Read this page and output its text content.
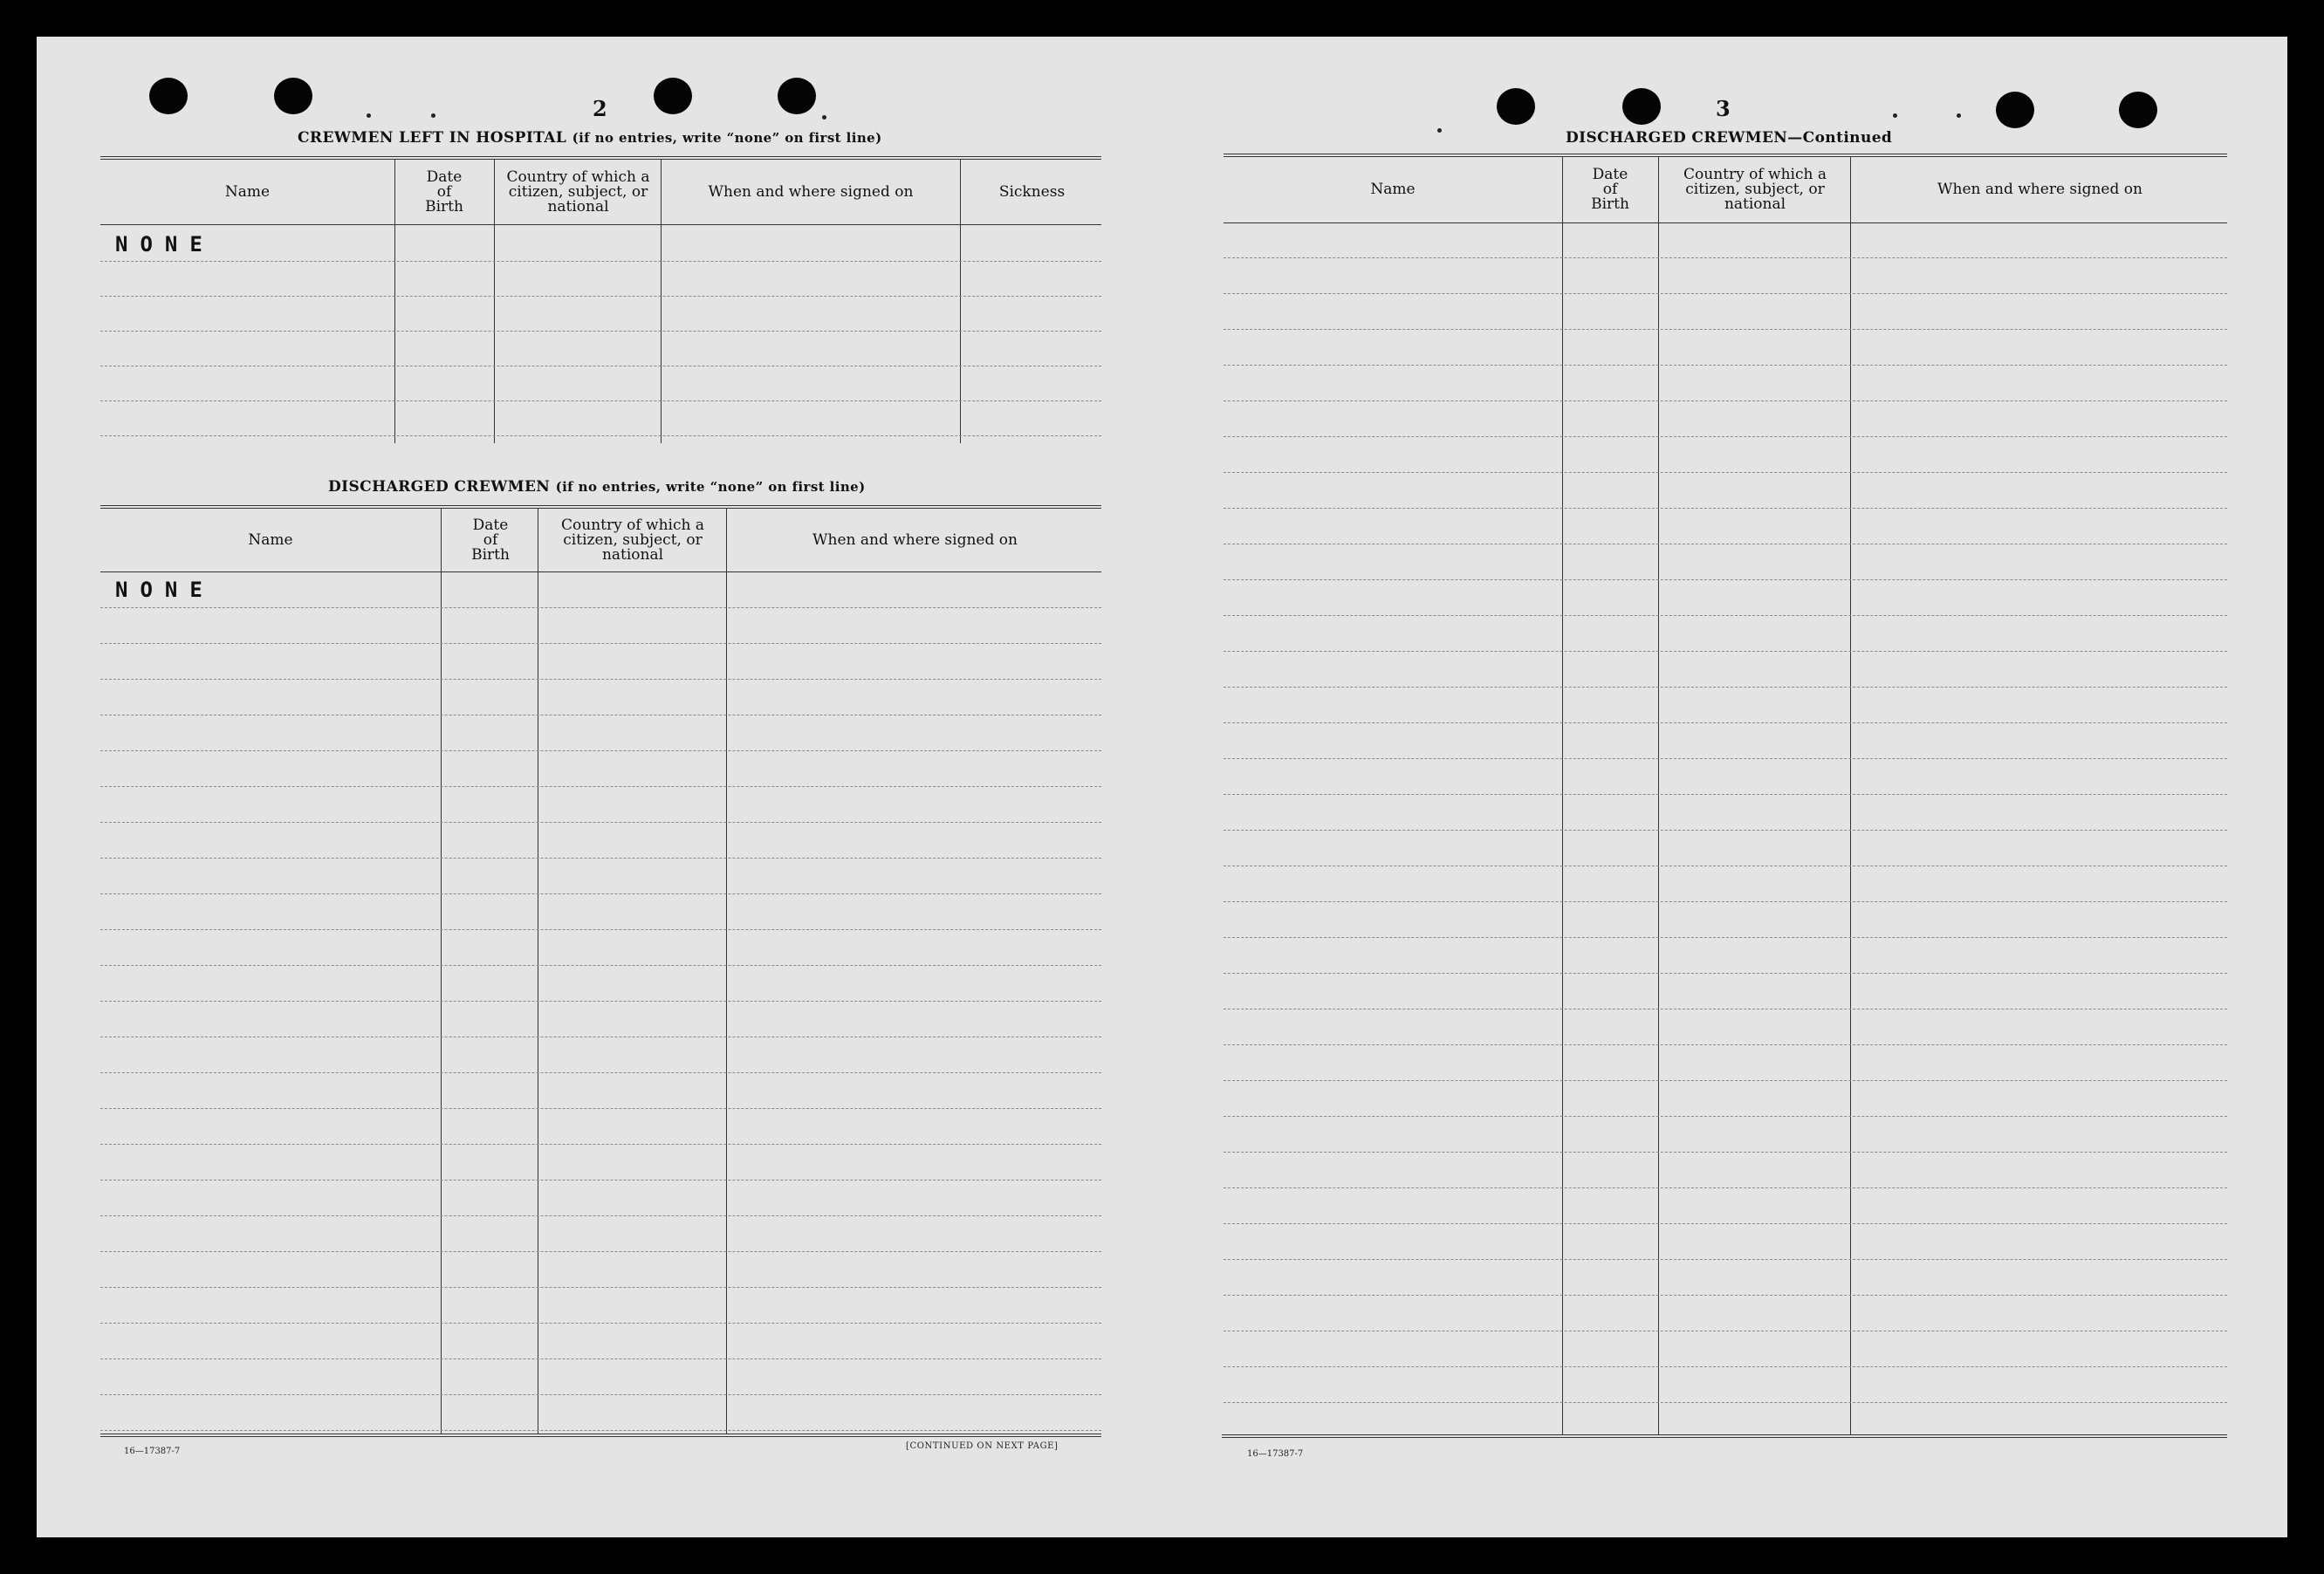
2
CREWMEN LEFT IN HOSPITAL (if no entries, write “none” on first line)
Name
Date of Birth
Country of which a citizen, subject, or national
When and where signed on	Sickness
NONE
DISCHARGED CREWMEN (if no entries, write “none” on first line)
Name
Date of Birth
Country of which a citizen, subject, or national
When and where signed on
NONE
16—17387-7
[CONTINUED ON NEXT PAGE]
3
DISCHARGED CREWMEN—Continued
Name
Date of Birth
Country of which a citizen, subject, or national
When and where signed on
16—17387-7
